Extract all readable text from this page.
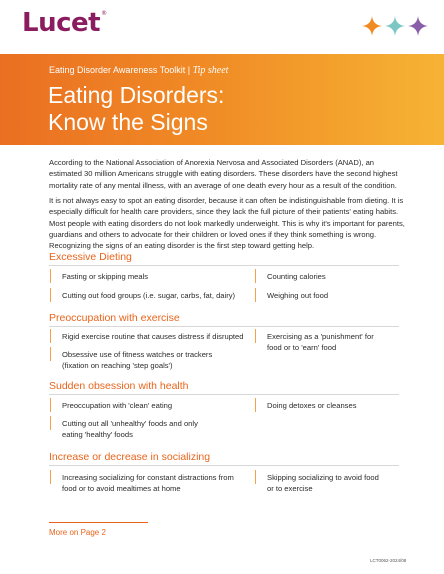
Lucet®
Eating Disorder Awareness Toolkit | Tip sheet
Eating Disorders:
Know the Signs

According to the National Association of Anorexia Nervosa and Associated Disorders (ANAD), an estimated 30 million Americans struggle with eating disorders. These disorders have the second highest mortality rate of any mental illness, with an average of one death every hour as a result of the condition.

It is not always easy to spot an eating disorder, because it can often be indistinguishable from dieting. It is especially difficult for health care providers, since they lack the full picture of their patients' eating habits. Most people with eating disorders do not look markedly underweight. This is why it's important for parents, guardians and others to advocate for their children or loved ones if they think something is wrong. Recognizing the signs of an eating disorder is the first step toward getting help.

Excessive Dieting
Fasting or skipping meals
Cutting out food groups (i.e. sugar, carbs, fat, dairy)
Counting calories
Weighing out food
Preoccupation with exercise
Rigid exercise routine that causes distress if disrupted
Obsessive use of fitness watches or trackers (fixation on reaching 'step goals')
Exercising as a 'punishment' for food or to 'earn' food
Sudden obsession with health
Preoccupation with 'clean' eating
Cutting out all 'unhealthy' foods and only eating 'healthy' foods
Doing detoxes or cleanses
Increase or decrease in socializing
Increasing socializing for constant distractions from food or to avoid mealtimes at home
Skipping socializing to avoid food or to exercise
More on Page 2
LCT0062-2024/08
